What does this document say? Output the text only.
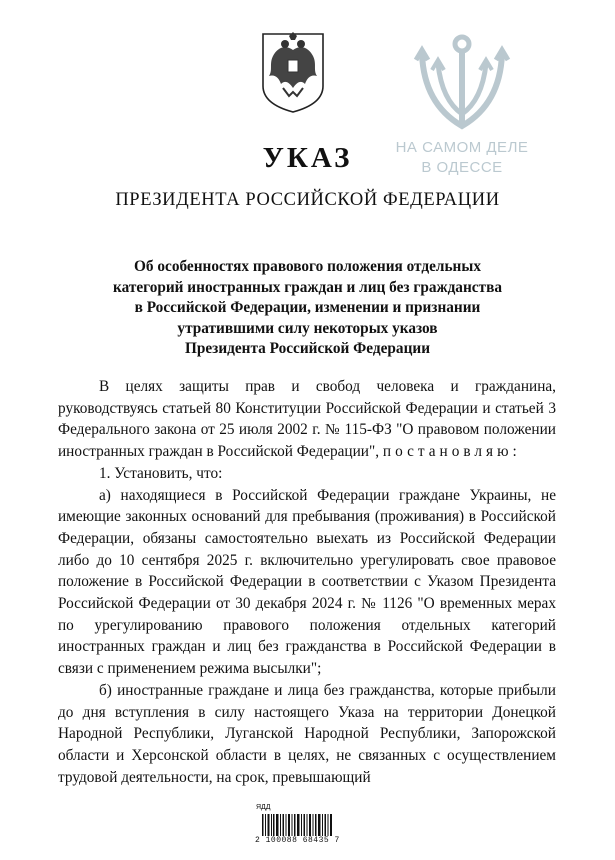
НА САМОМ ДЕЛЕ
В ОДЕССЕ
УКАЗ
ПРЕЗИДЕНТА РОССИЙСКОЙ ФЕДЕРАЦИИ
Об особенностях правового положения отдельных
категорий иностранных граждан и лиц без гражданства
в Российской Федерации, изменении и признании
утратившими силу некоторых указов
Президента Российской Федерации

В целях защиты прав и свобод человека и гражданина, руководствуясь статьей 80 Конституции Российской Федерации и статьей 3 Федерального закона от 25 июля 2002 г. № 115-ФЗ "О правовом положении иностранных граждан в Российской Федерации", постановляю:

1. Установить, что:

а) находящиеся в Российской Федерации граждане Украины, не имеющие законных оснований для пребывания (проживания) в Российской Федерации, обязаны самостоятельно выехать из Российской Федерации либо до 10 сентября 2025 г. включительно урегулировать свое правовое положение в Российской Федерации в соответствии с Указом Президента Российской Федерации от 30 декабря 2024 г. № 1126 "О временных мерах по урегулированию правового положения отдельных категорий иностранных граждан и лиц без гражданства в Российской Федерации в связи с применением режима высылки";

б) иностранные граждане и лица без гражданства, которые прибыли до дня вступления в силу настоящего Указа на территории Донецкой Народной Республики, Луганской Народной Республики, Запорожской области и Херсонской области в целях, не связанных с осуществлением трудовой деятельности, на срок, превышающий

ЯДД
2 100088 68435 7
